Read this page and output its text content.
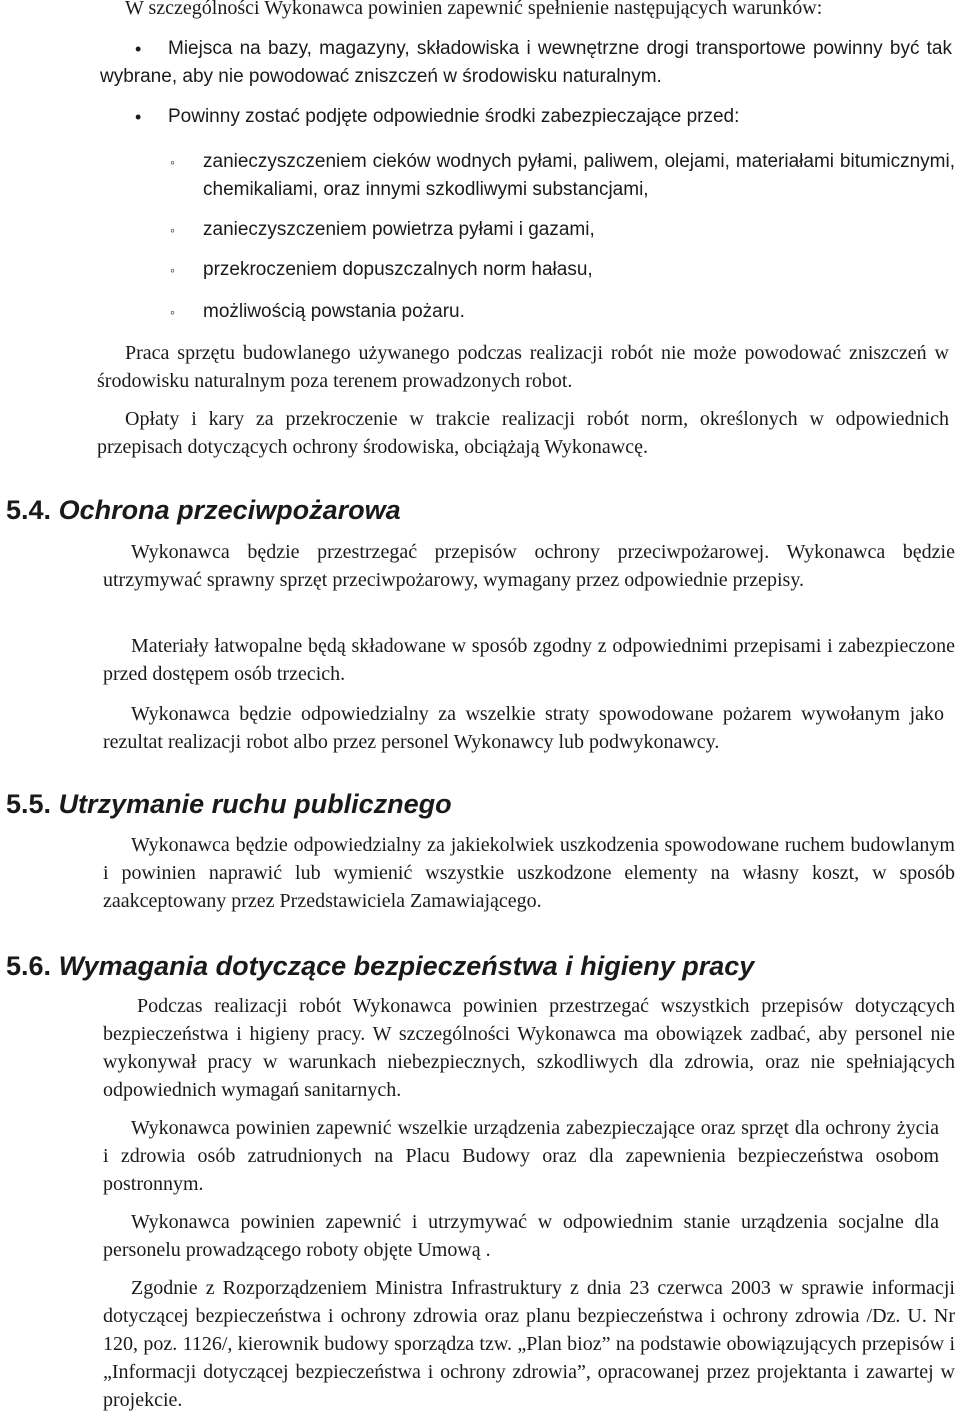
W szczególności Wykonawca powinien zapewnić spełnienie następujących warunków:

•	Miejsca na bazy, magazyny, składowiska i wewnętrzne drogi transportowe powinny być tak wybrane, aby nie powodować zniszczeń w środowisku naturalnym.

• Powinny zostać podjęte odpowiednie środki zabezpieczające przed:

◦ zanieczyszczeniem cieków wodnych pyłami, paliwem, olejami, materiałami bitumicznymi, chemikaliami, oraz innymi szkodliwymi substancjami,

◦ zanieczyszczeniem powietrza pyłami i gazami,

◦ przekroczeniem dopuszczalnych norm hałasu,

◦ możliwością powstania pożaru.

Praca sprzętu budowlanego używanego podczas realizacji robót nie może powodować zniszczeń w środowisku naturalnym poza terenem prowadzonych robot.

Opłaty i kary za przekroczenie w trakcie realizacji robót norm, określonych w odpowiednich przepisach dotyczących ochrony środowiska, obciążają Wykonawcę.

5.4. Ochrona przeciwpożarowa

Wykonawca będzie przestrzegać przepisów ochrony przeciwpożarowej. Wykonawca będzie utrzymywać sprawny sprzęt przeciwpożarowy, wymagany przez odpowiednie przepisy.

Materiały łatwopalne będą składowane w sposób zgodny z odpowiednimi przepisami i zabezpieczone przed dostępem osób trzecich.

Wykonawca będzie odpowiedzialny za wszelkie straty spowodowane pożarem wywołanym jako rezultat realizacji robot albo przez personel Wykonawcy lub podwykonawcy.

5.5. Utrzymanie ruchu publicznego

Wykonawca będzie odpowiedzialny za jakiekolwiek uszkodzenia spowodowane ruchem budowlanym i powinien naprawić lub wymienić wszystkie uszkodzone elementy na własny koszt, w sposób zaakceptowany przez Przedstawiciela Zamawiającego.

5.6. Wymagania dotyczące bezpieczeństwa i higieny pracy

Podczas realizacji robót Wykonawca powinien przestrzegać wszystkich przepisów dotyczących bezpieczeństwa i higieny pracy. W szczególności Wykonawca ma obowiązek zadbać, aby personel nie wykonywał pracy w warunkach niebezpiecznych, szkodliwych dla zdrowia, oraz nie spełniających odpowiednich wymagań sanitarnych.

Wykonawca powinien zapewnić wszelkie urządzenia zabezpieczające oraz sprzęt dla ochrony życia i zdrowia osób zatrudnionych na Placu Budowy oraz dla zapewnienia bezpieczeństwa osobom postronnym.

Wykonawca powinien zapewnić i utrzymywać w odpowiednim stanie urządzenia socjalne dla personelu prowadzącego roboty objęte Umową .

Zgodnie z Rozporządzeniem Ministra Infrastruktury z dnia 23 czerwca 2003 w sprawie informacji dotyczącej bezpieczeństwa i ochrony zdrowia oraz planu bezpieczeństwa i ochrony zdrowia /Dz. U. Nr 120, poz. 1126/, kierownik budowy sporządza tzw. „Plan bioz” na podstawie obowiązujących przepisów i „Informacji dotyczącej bezpieczeństwa i ochrony zdrowia”, opracowanej przez projektanta i zawartej w projekcie.
